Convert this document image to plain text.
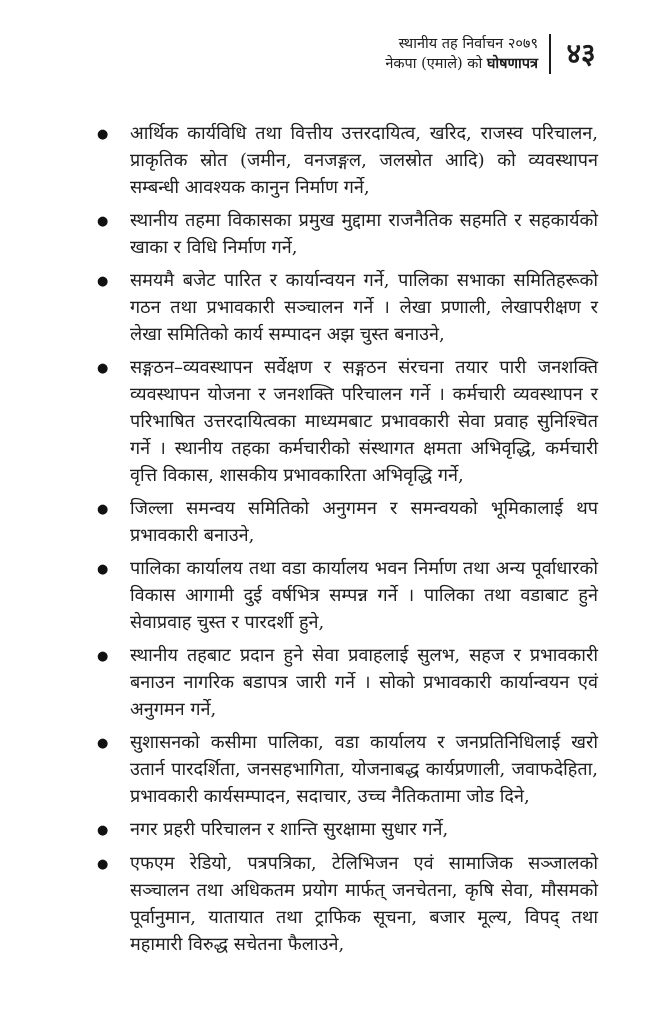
स्थानीय तह निर्वाचन २०७९
नेकपा (एमाले) को घोषणापत्र ४३
●	आर्थिक कार्यविधि तथा वित्तीय उत्तरदायित्व, खरिद, राजस्व परिचालन, प्राकृतिक स्रोत (जमीन, वनजङ्गल, जलस्रोत आदि) को व्यवस्थापन सम्बन्धी आवश्यक कानुन निर्माण गर्ने,

●	स्थानीय तहमा विकासका प्रमुख मुद्दामा राजनैतिक सहमति र सहकार्यको खाका र विधि निर्माण गर्ने,

●	समयमै बजेट पारित र कार्यान्वयन गर्ने, पालिका सभाका समितिहरूको गठन तथा प्रभावकारी सञ्चालन गर्ने । लेखा प्रणाली, लेखापरीक्षण र लेखा समितिको कार्य सम्पादन अझ चुस्त बनाउने,

●	सङ्गठन–व्यवस्थापन सर्वेक्षण र सङ्गठन संरचना तयार पारी जनशक्ति व्यवस्थापन योजना र जनशक्ति परिचालन गर्ने । कर्मचारी व्यवस्थापन र परिभाषित उत्तरदायित्वका माध्यमबाट प्रभावकारी सेवा प्रवाह सुनिश्चित गर्ने । स्थानीय तहका कर्मचारीको संस्थागत क्षमता अभिवृद्धि, कर्मचारी वृत्ति विकास, शासकीय प्रभावकारिता अभिवृद्धि गर्ने,

●	जिल्ला समन्वय समितिको अनुगमन र समन्वयको भूमिकालाई थप प्रभावकारी बनाउने,

●	पालिका कार्यालय तथा वडा कार्यालय भवन निर्माण तथा अन्य पूर्वाधारको विकास आगामी दुई वर्षभित्र सम्पन्न गर्ने । पालिका तथा वडाबाट हुने सेवाप्रवाह चुस्त र पारदर्शी हुने,

●	स्थानीय तहबाट प्रदान हुने सेवा प्रवाहलाई सुलभ, सहज र प्रभावकारी बनाउन नागरिक बडापत्र जारी गर्ने । सोको प्रभावकारी कार्यान्वयन एवं अनुगमन गर्ने,

●	सुशासनको कसीमा पालिका, वडा कार्यालय र जनप्रतिनिधिलाई खरो उतार्न पारदर्शिता, जनसहभागिता, योजनाबद्ध कार्यप्रणाली, जवाफदेहिता, प्रभावकारी कार्यसम्पादन, सदाचार, उच्च नैतिकतामा जोड दिने,

●	नगर प्रहरी परिचालन र शान्ति सुरक्षामा सुधार गर्ने,

●	एफएम रेडियो, पत्रपत्रिका, टेलिभिजन एवं सामाजिक सञ्जालको सञ्चालन तथा अधिकतम प्रयोग मार्फत् जनचेतना, कृषि सेवा, मौसमको पूर्वानुमान, यातायात तथा ट्राफिक सूचना, बजार मूल्य, विपद् तथा महामारी विरुद्ध सचेतना फैलाउने,
